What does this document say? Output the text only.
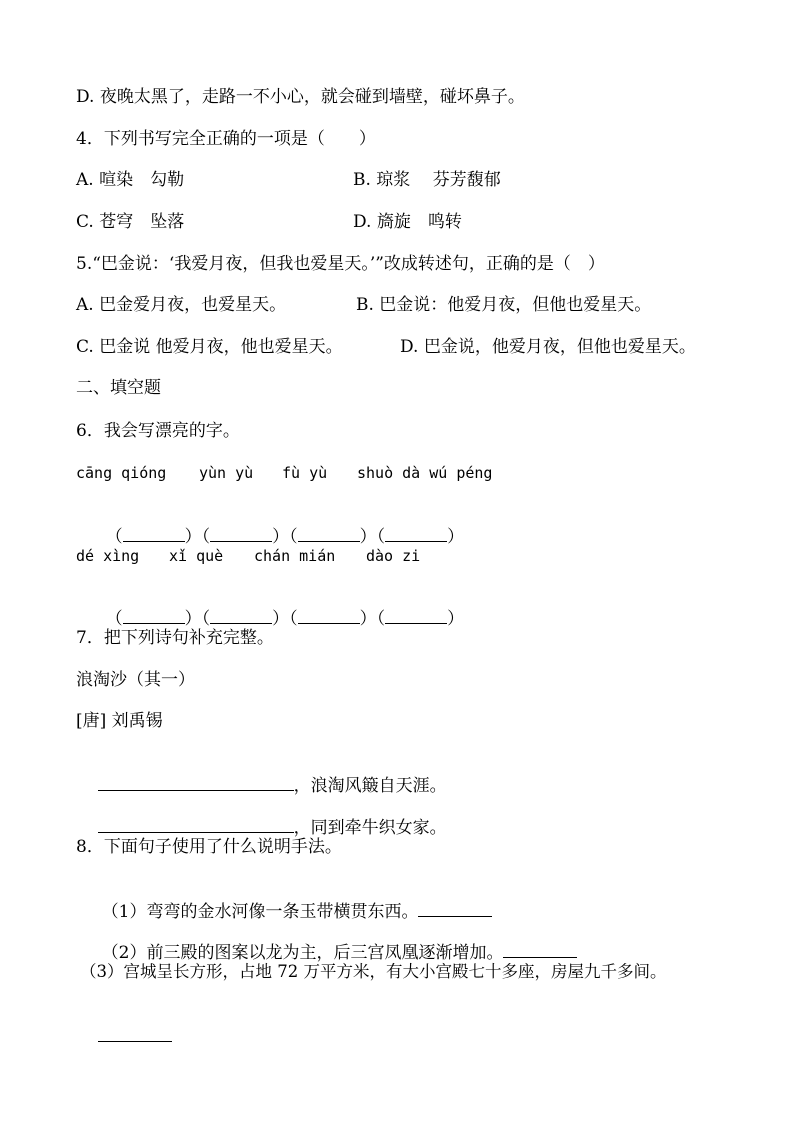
D. 夜晚太黑了，走路一不小心，就会碰到墙壁，碰坏鼻子。
4．下列书写完全正确的一项是（　　）
A. 喧染　勾勒	B. 琼浆　 芬芳馥郁
C. 苍穹　坠落	D. 旖旋　鸣转
5.“巴金说：‘我爱月夜，但我也爱星天。’”改成转述句，正确的是（　）
A. 巴金爱月夜，也爱星天。	B. 巴金说：他爱月夜，但他也爱星天。
C. 巴金说 他爱月夜，他也爱星天。	D. 巴金说，他爱月夜，但他也爱星天。
二、填空题
6．我会写漂亮的字。
cāng qióng yùn yù fù yù shuò dà wú péng

（	）（	）（	）（	）

dé xìng xǐ què chán mián dào zi

（	）（	）（	）（	）

7．把下列诗句补充完整。
浪淘沙（其一）
[唐] 刘禹锡

，浪淘风簸自天涯。

，同到牵牛织女家。

8．下面句子使用了什么说明手法。

（1）弯弯的金水河像一条玉带横贯东西。

（2）前三殿的图案以龙为主，后三宫凤凰逐渐增加。

（3）宫城呈长方形，占地 72 万平方米，有大小宫殿七十多座，房屋九千多间。
